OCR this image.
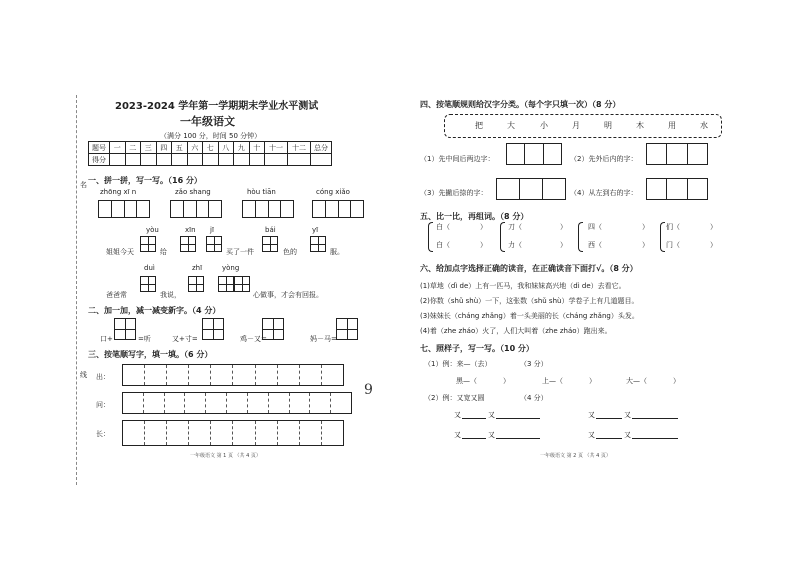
名
线
2023-2024 学年第一学期期末学业水平测试
一年级语文
（满分 100 分，时间 50 分钟）
题号	一	二	三	四	五	六	七	八	九	十	十一	十二	总分
得分													
一、拼一拼，写一写。（16 分）
zhōng xī n	zǎo shang	hòu tiān	cóng xiǎo
yòu	xīn jī	bái	yī
姐姐今天	给	买了一件	色的	服。
duì	zhī	yòng
爸爸常	我说，	心做事，才会有回报。
二、加一加，减一减变新字。（4 分）
口+	=听	又+寸=	鸡－又=	妈－马=
三、按笔顺写字，填一填。（6 分）
出：
问：
长：
9
一年级语文 第 1 页 （共 4 页）
四、按笔顺规则给汉字分类。（每个字只填一次）（8 分）
把	大	小	月	明	木	用	水
（1）先中间后两边字：	（2）先外后内的字：
（3）先撇后捺的字：	（4）从左到右的字：
五、比一比，再组词。（8 分）
白（	）	刀（	）	四（	） 们（	）
白（	）	力（	）	西（	） 门（	）
六、给加点字选择正确的读音，在正确读音下面打√。（8 分）
(1)草地（dì de）上有一匹马，我和妹妹高兴地（dì de）去看它。
(2)你数（shǔ shù）一下，这张数（shǔ shù）学卷子上有几道题目。
(3)妹妹长（cháng zhǎng）着一头美丽的长（cháng zhǎng）头发。
(4)着（zhe zháo）火了，人们大叫着（zhe zháo）跑出来。
七、照样子，写一写。（10 分）
（1）例：来—（去）	（3 分）
黑—（	）	上—（	）	大—（	）
（2）例：又宽又圆	（4 分）
又	又	又	又
又	又	又	又
一年级语文 第 2 页 （共 4 页）
